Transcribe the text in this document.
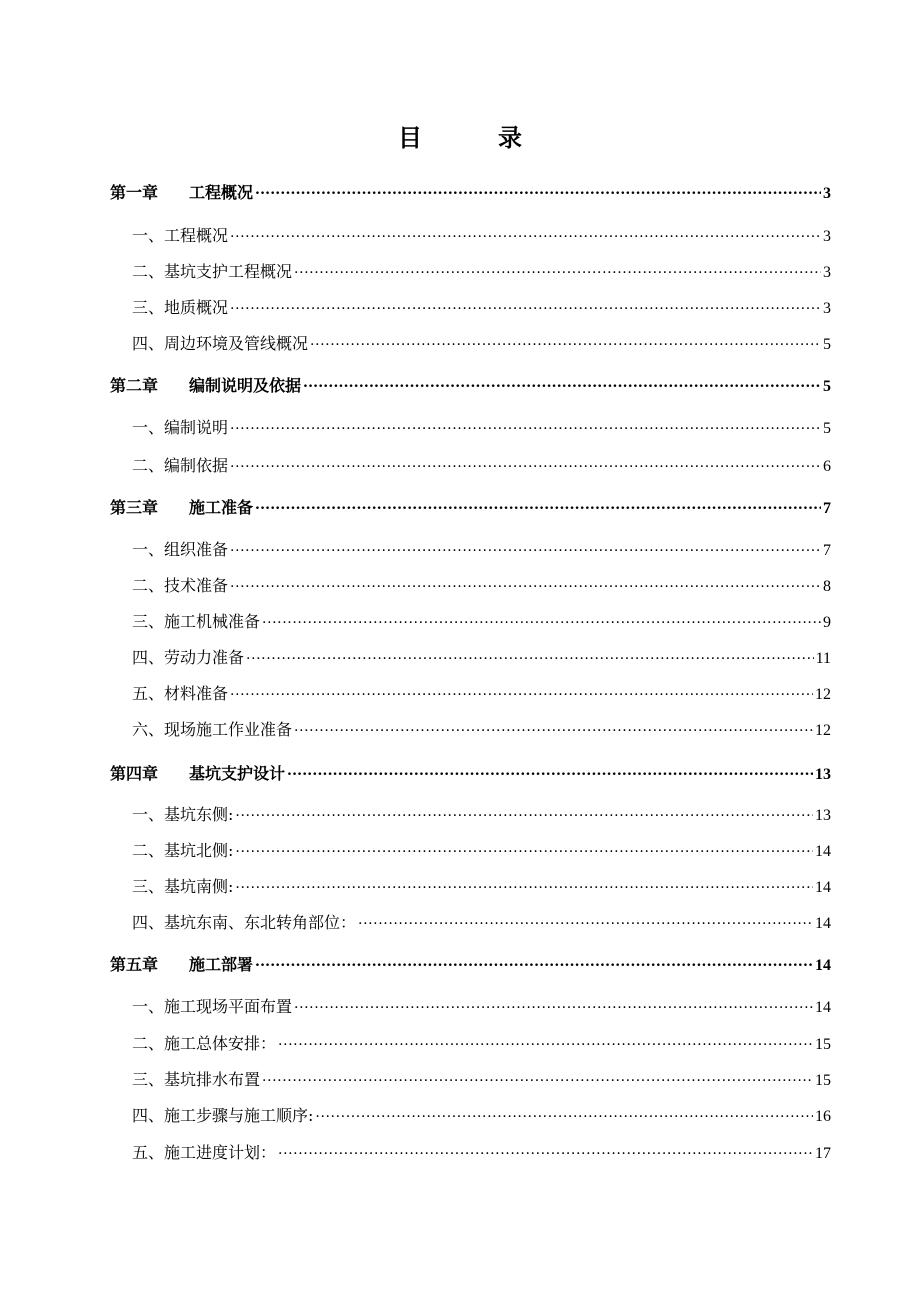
目	录
第一章	工程概况 .....	3
一、工程概况 .....	3
二、基坑支护工程概况 .....	3
三、地质概况 .....	3
四、周边环境及管线概况 .....	5
第二章	编制说明及依据 .....	5
一、编制说明 .....	5
二、编制依据 .....	6
第三章	施工准备 .....	7
一、组织准备 .....	7
二、技术准备 .....	8
三、施工机械准备 .....	9
四、劳动力准备 .....	11
五、材料准备 .....	12
六、现场施工作业准备 .....	12
第四章	基坑支护设计 .....	13
一、基坑东侧: .....	13
二、基坑北侧: .....	14
三、基坑南侧: .....	14
四、基坑东南、东北转角部位： .....	14
第五章	施工部署 .....	14
一、施工现场平面布置 .....	14
二、施工总体安排： .....	15
三、基坑排水布置 .....	15
四、施工步骤与施工顺序: .....	16
五、施工进度计划： .....	17
